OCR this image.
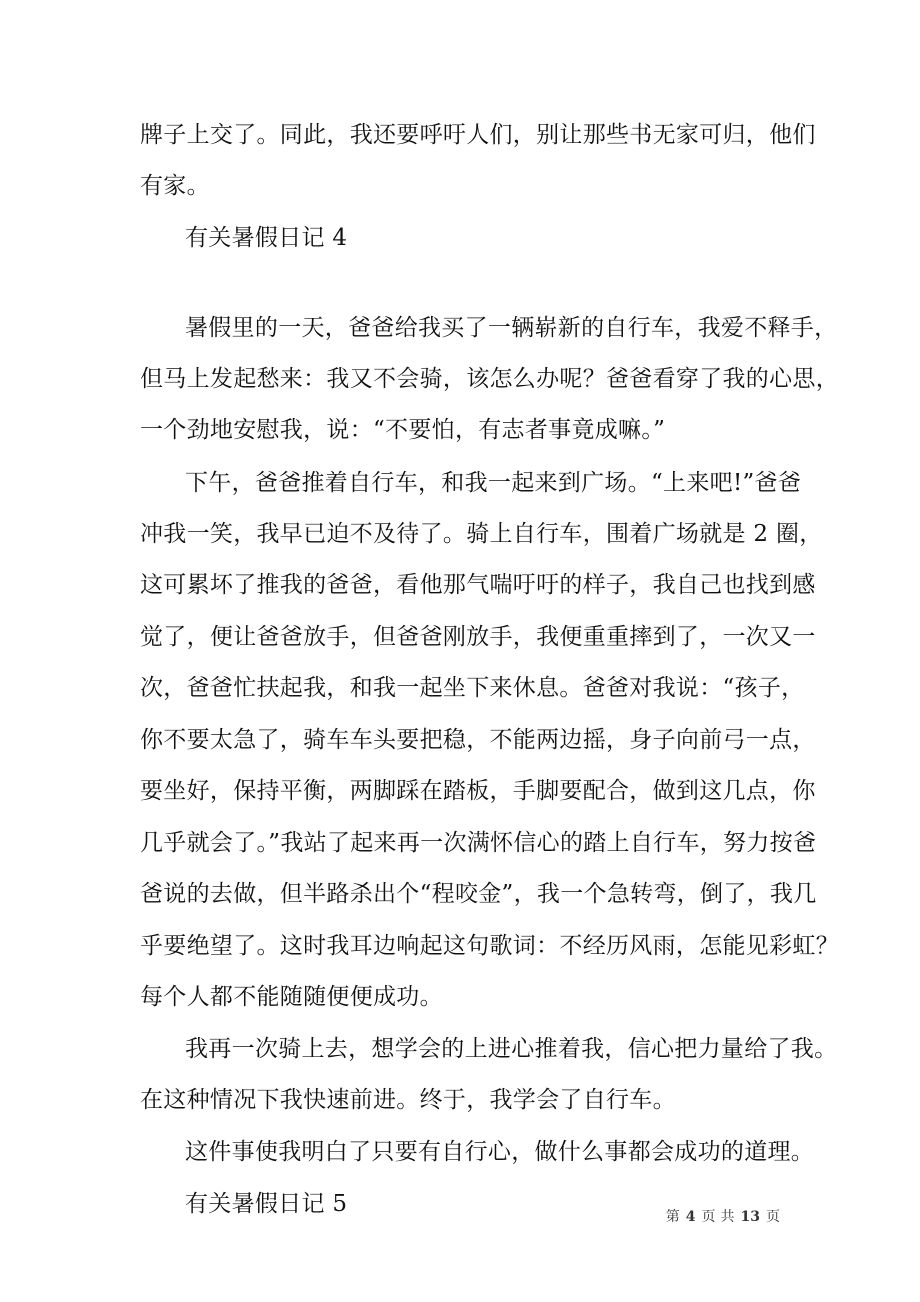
牌子上交了。同此，我还要呼吁人们，别让那些书无家可归，他们
有家。
有关暑假日记 4
暑假里的一天，爸爸给我买了一辆崭新的自行车，我爱不释手，
但马上发起愁来：我又不会骑，该怎么办呢？爸爸看穿了我的心思，
一个劲地安慰我，说：“不要怕，有志者事竟成嘛。”
下午，爸爸推着自行车，和我一起来到广场。“上来吧!”爸爸
冲我一笑，我早已迫不及待了。骑上自行车，围着广场就是 2 圈，
这可累坏了推我的爸爸，看他那气喘吁吁的样子，我自己也找到感
觉了，便让爸爸放手，但爸爸刚放手，我便重重摔到了，一次又一
次，爸爸忙扶起我，和我一起坐下来休息。爸爸对我说：“孩子，
你不要太急了，骑车车头要把稳，不能两边摇，身子向前弓一点，
要坐好，保持平衡，两脚踩在踏板，手脚要配合，做到这几点，你
几乎就会了。”我站了起来再一次满怀信心的踏上自行车，努力按爸
爸说的去做，但半路杀出个“程咬金”，我一个急转弯，倒了，我几
乎要绝望了。这时我耳边响起这句歌词：不经历风雨，怎能见彩虹？
每个人都不能随随便便成功。
我再一次骑上去，想学会的上进心推着我，信心把力量给了我。
在这种情况下我快速前进。终于，我学会了自行车。
这件事使我明白了只要有自行心，做什么事都会成功的道理。
有关暑假日记 5	第 4 页 共 13 页
